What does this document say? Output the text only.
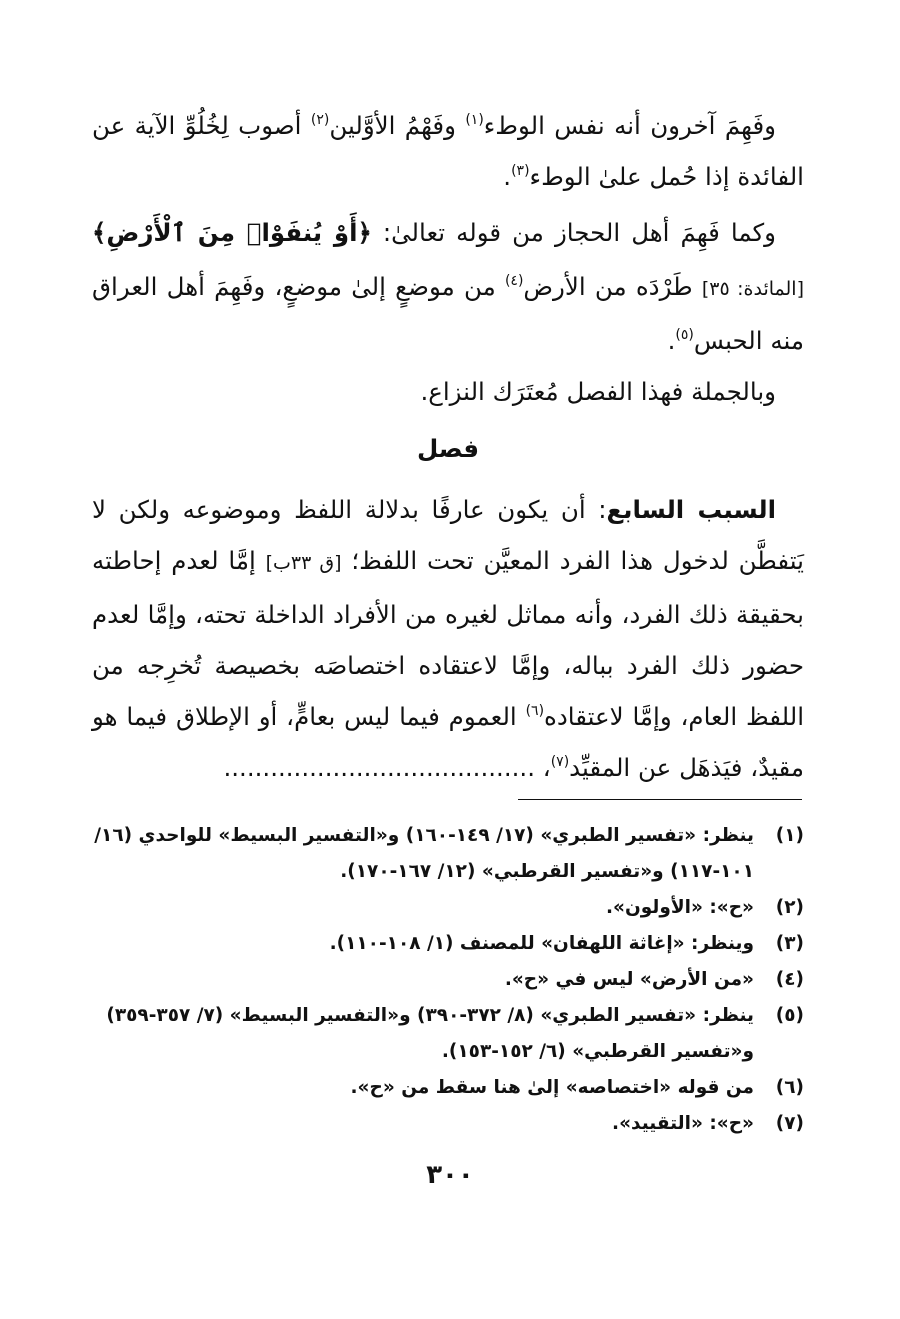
وفَهِمَ آخرون أنه نفس الوطء$^{(١)}$ وفَهْمُ الأوَّلين$^{(٢)}$ أصوب لِخُلُوِّ الآية عن الفائدة إذا حُمل علىٰ الوطء$^{(٣)}$.

وكما فَهِمَ أهل الحجاز من قوله تعالىٰ: ﴿أَوْ يُنفَوْا۟ مِنَ ٱلْأَرْضِ﴾ [المائدة: ٣٥] طَرْدَه من الأرض$^{(٤)}$ من موضعٍ إلىٰ موضعٍ، وفَهِمَ أهل العراق منه الحبس$^{(٥)}$.

وبالجملة فهذا الفصل مُعتَرَك النزاع.

فصل

السبب السابع: أن يكون عارفًا بدلالة اللفظ وموضوعه ولكن لا يَتفطَّن لدخول هذا الفرد المعيَّن تحت اللفظ؛ [ق ٣٣ب] إمَّا لعدم إحاطته بحقيقة ذلك الفرد، وأنه مماثل لغيره من الأفراد الداخلة تحته، وإمَّا لعدم حضور ذلك الفرد بباله، وإمَّا لاعتقاده اختصاصَه بخصيصة تُخرِجه من اللفظ العام، وإمَّا لاعتقاده$^{(٦)}$ العموم فيما ليس بعامٍّ، أو الإطلاق فيما هو مقيدٌ، فيَذهَل عن المقيِّد$^{(٧)}$، ........................................

(١)
ينظر: «تفسير الطبري» (١٧/ ١٤٩-١٦٠) و«التفسير البسيط» للواحدي (١٦/ ١٠١-١١٧) و«تفسير القرطبي» (١٢/ ١٦٧-١٧٠).
(٢)
«ح»: «الأولون».
(٣)
وينظر: «إغاثة اللهفان» للمصنف (١/ ١٠٨-١١٠).
(٤)
«من الأرض» ليس في «ح».
(٥)
ينظر: «تفسير الطبري» (٨/ ٣٧٢-٣٩٠) و«التفسير البسيط» (٧/ ٣٥٧-٣٥٩) و«تفسير القرطبي» (٦/ ١٥٢-١٥٣).
(٦)
من قوله «اختصاصه» إلىٰ هنا سقط من «ح».
(٧)
«ح»: «التقييد».
٣٠٠
